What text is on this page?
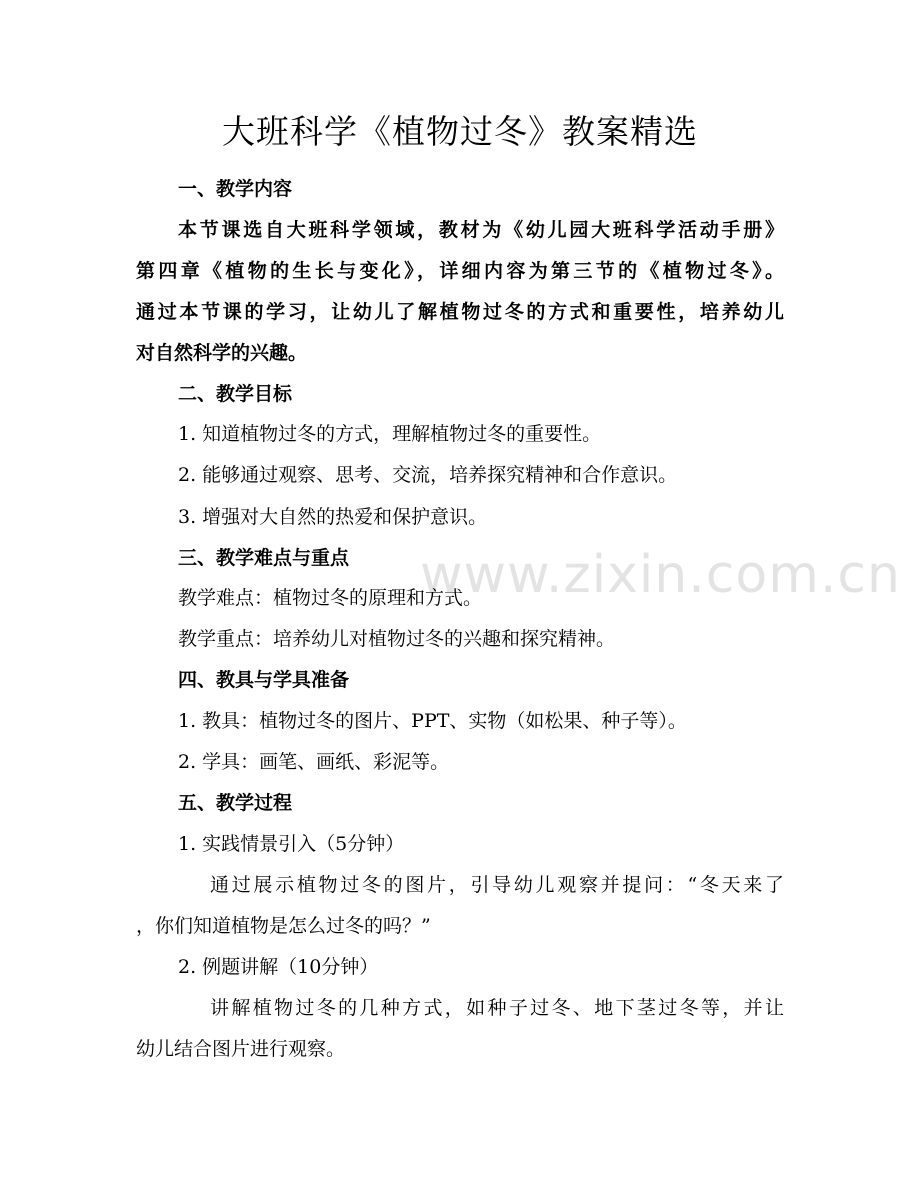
www.zixin.com.cn
大班科学《植物过冬》教案精选
一、教学内容
本节课选自大班科学领域，教材为《幼儿园大班科学活动手册》
第四章《植物的生长与变化》，详细内容为第三节的《植物过冬》。
通过本节课的学习，让幼儿了解植物过冬的方式和重要性，培养幼儿
对自然科学的兴趣。
二、教学目标
1. 知道植物过冬的方式，理解植物过冬的重要性。
2. 能够通过观察、思考、交流，培养探究精神和合作意识。
3. 增强对大自然的热爱和保护意识。
三、教学难点与重点
教学难点：植物过冬的原理和方式。
教学重点：培养幼儿对植物过冬的兴趣和探究精神。
四、教具与学具准备
1. 教具：植物过冬的图片、PPT、实物（如松果、种子等）。
2. 学具：画笔、画纸、彩泥等。
五、教学过程
1. 实践情景引入（5分钟）
通过展示植物过冬的图片，引导幼儿观察并提问：“冬天来了
，你们知道植物是怎么过冬的吗？”
2. 例题讲解（10分钟）
讲解植物过冬的几种方式，如种子过冬、地下茎过冬等，并让
幼儿结合图片进行观察。
